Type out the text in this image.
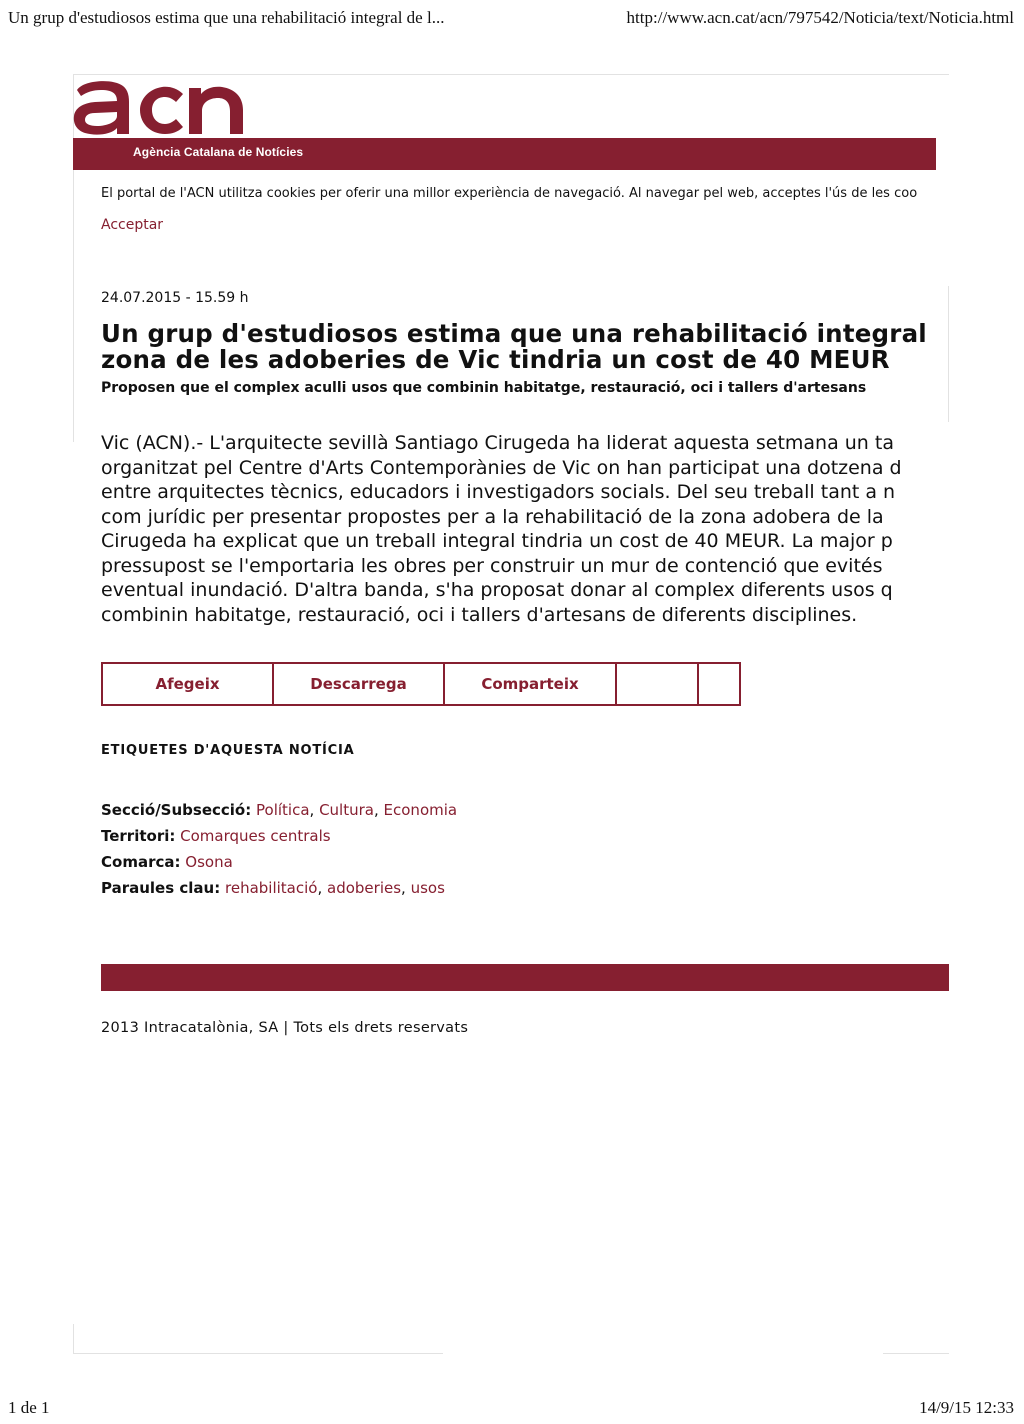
Un grup d'estudiosos estima que una rehabilitació integral de l...	http://www.acn.cat/acn/797542/Noticia/text/Noticia.html
Agència Catalana de Notícies
El portal de l'ACN utilitza cookies per oferir una millor experiència de navegació. Al navegar pel web, acceptes l'ús de les coo
Acceptar
24.07.2015 - 15.59 h
Un grup d'estudiosos estima que una rehabilitació integral
zona de les adoberies de Vic tindria un cost de 40 MEUR
Proposen que el complex aculli usos que combinin habitatge, restauració, oci i tallers d'artesans
Vic (ACN).- L'arquitecte sevillà Santiago Cirugeda ha liderat aquesta setmana un ta
organitzat pel Centre d'Arts Contemporànies de Vic on han participat una dotzena d
entre arquitectes tècnics, educadors i investigadors socials. Del seu treball tant a n
com jurídic per presentar propostes per a la rehabilitació de la zona adobera de la
Cirugeda ha explicat que un treball integral tindria un cost de 40 MEUR. La major p
pressupost se l'emportaria les obres per construir un mur de contenció que evités
eventual inundació. D'altra banda, s'ha proposat donar al complex diferents usos q
combinin habitatge, restauració, oci i tallers d'artesans de diferents disciplines.
Afegeix	Descarrega	Comparteix
ETIQUETES D'AQUESTA NOTÍCIA
Secció/Subsecció: Política, Cultura, Economia
Territori: Comarques centrals
Comarca: Osona
Paraules clau: rehabilitació, adoberies, usos
2013 Intracatalònia, SA | Tots els drets reservats
1 de 1	14/9/15 12:33
